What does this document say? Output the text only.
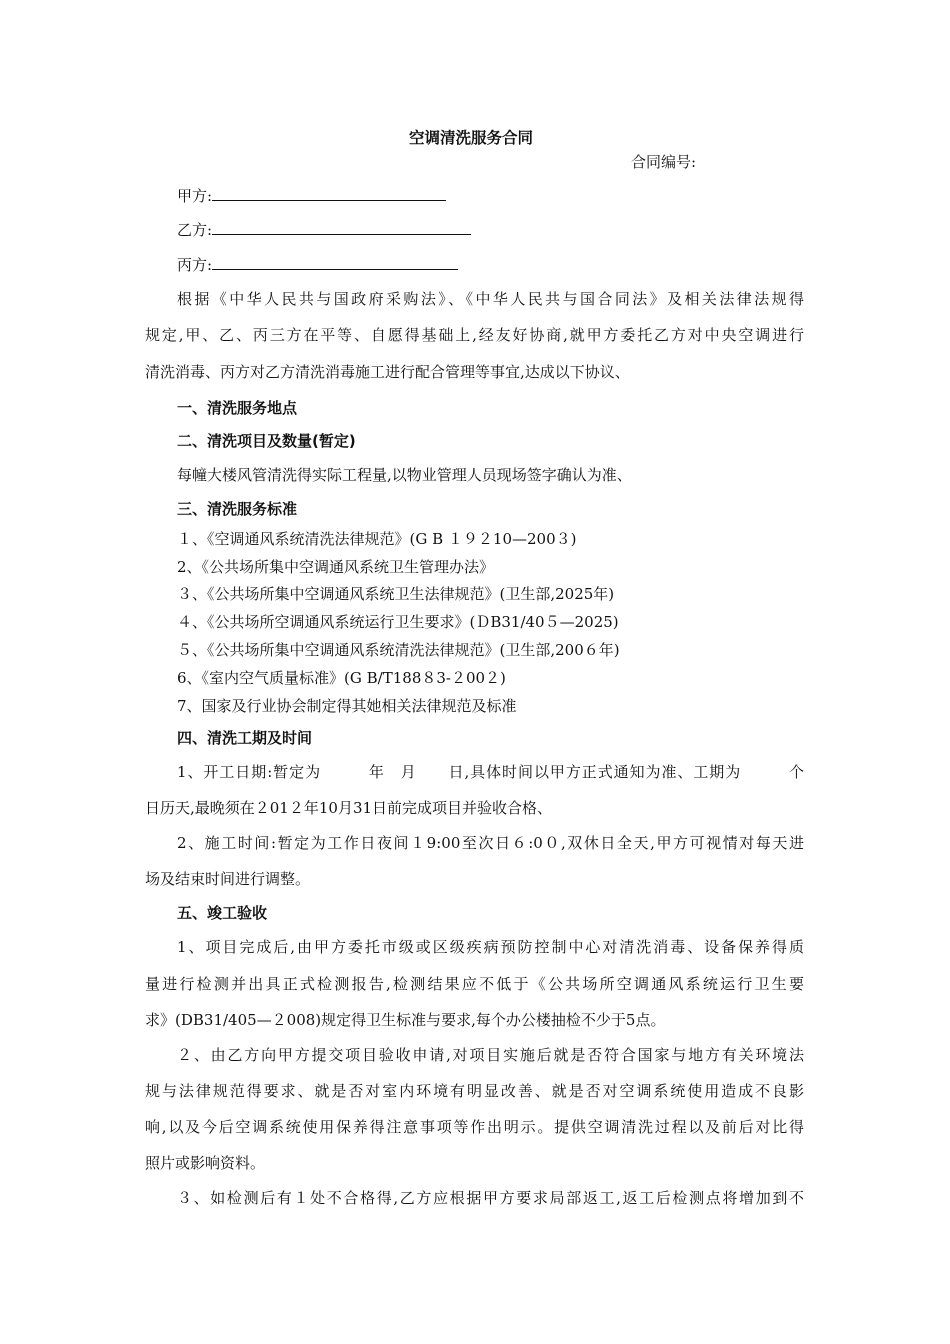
空调清洗服务合同
合同编号:
甲方:
乙方:
丙方:
根据《中华人民共与国政府采购法》、《中华人民共与国合同法》及相关法律法规得
规定,甲、乙、丙三方在平等、自愿得基础上,经友好协商,就甲方委托乙方对中央空调进行
清洗消毒、丙方对乙方清洗消毒施工进行配合管理等事宜,达成以下协议、
一、清洗服务地点
二、清洗项目及数量(暂定)
每幢大楼风管清洗得实际工程量,以物业管理人员现场签字确认为准、
三、清洗服务标准
１、《空调通风系统清洗法律规范》(G B １９２10—200３)
2、《公共场所集中空调通风系统卫生管理办法》
３、《公共场所集中空调通风系统卫生法律规范》(卫生部,2025年)
４、《公共场所空调通风系统运行卫生要求》(ＤB31/40５—2025)
５、《公共场所集中空调通风系统清洗法律规范》(卫生部,200６年)
6、《室内空气质量标准》(G B/T188８3-２00２)
7、国家及行业协会制定得其她相关法律规范及标准
四、清洗工期及时间
1、开工日期:暂定为　　　年　月　　日,具体时间以甲方正式通知为准、工期为　　　个
日历天,最晚须在２01２年10月31日前完成项目并验收合格、
2、施工时间:暂定为工作日夜间１9:00至次日６:0０,双休日全天,甲方可视情对每天进
场及结束时间进行调整。
五、竣工验收
1、项目完成后,由甲方委托市级或区级疾病预防控制中心对清洗消毒、设备保养得质
量进行检测并出具正式检测报告,检测结果应不低于《公共场所空调通风系统运行卫生要
求》(DB31/405—２008)规定得卫生标准与要求,每个办公楼抽检不少于5点。
２、由乙方向甲方提交项目验收申请,对项目实施后就是否符合国家与地方有关环境法
规与法律规范得要求、就是否对室内环境有明显改善、就是否对空调系统使用造成不良影
响,以及今后空调系统使用保养得注意事项等作出明示。提供空调清洗过程以及前后对比得
照片或影响资料。
３、如检测后有１处不合格得,乙方应根据甲方要求局部返工,返工后检测点将增加到不
